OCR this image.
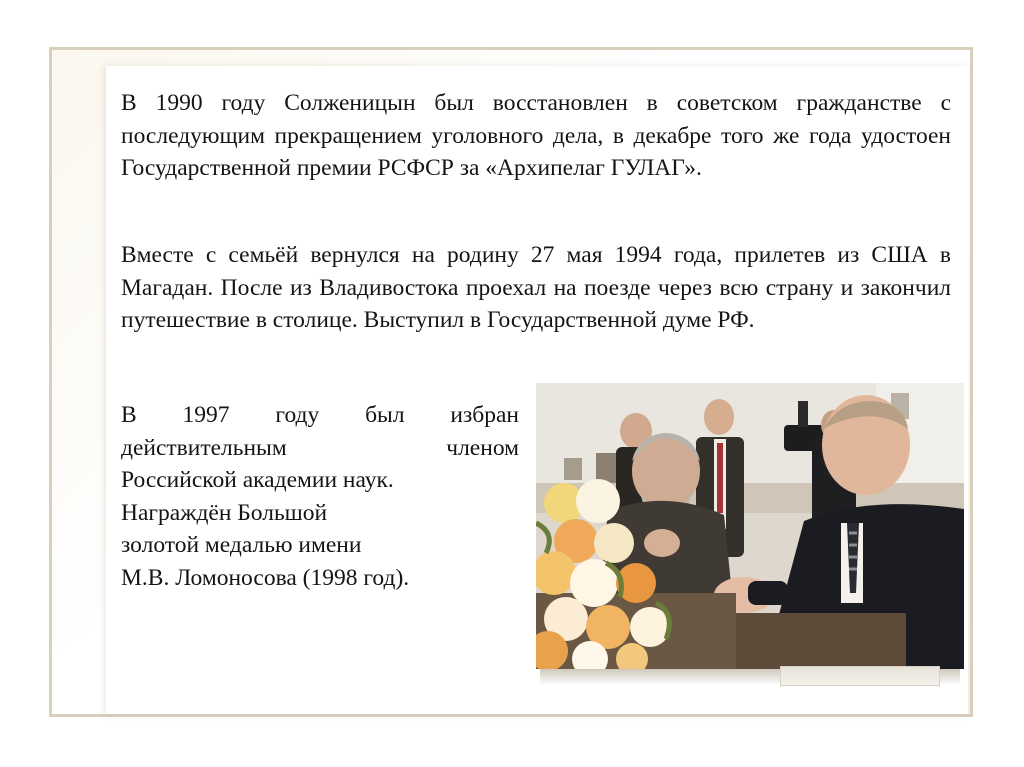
В 1990 году Солженицын был восстановлен в советском гражданстве с последующим прекращением уголовного дела, в декабре того же года удостоен Государственной премии РСФСР за «Архипелаг ГУЛАГ».

Вместе с семьёй вернулся на родину 27 мая 1994 года, прилетев из США в Магадан. После из Владивостока проехал на поезде через всю страну и закончил путешествие в столице. Выступил в Государственной думе РФ.

В 1997 году был избран
действительным членом
Российской академии наук.
Награждён Большой
золотой медалью имени
М.В. Ломоносова (1998 год).
